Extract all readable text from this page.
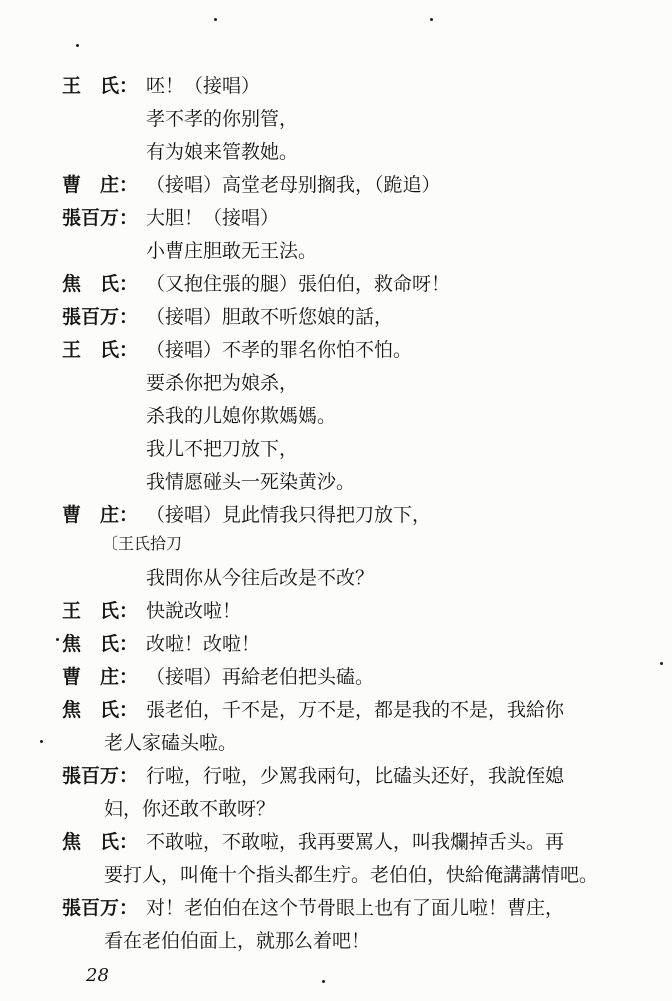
王　氏： 呸！（接唱）
孝不孝的你别管，
有为娘来管教她。
曹　庄： （接唱）高堂老母别搁我，（跪追）
張百万： 大胆！（接唱）
小曹庄胆敢无王法。
焦　氏： （又抱住張的腿）張伯伯，救命呀！
張百万： （接唱）胆敢不听您娘的話，
王　氏： （接唱）不孝的罪名你怕不怕。
要杀你把为娘杀，
杀我的儿媳你欺媽媽。
我儿不把刀放下，
我情愿碰头一死染黄沙。
曹　庄： （接唱）見此情我只得把刀放下，
〔王氏拾刀
我問你从今往后改是不改？
王　氏： 快說改啦！
焦　氏： 改啦！改啦！
曹　庄： （接唱）再給老伯把头磕。
焦　氏： 張老伯，千不是，万不是，都是我的不是，我給你
老人家磕头啦。
張百万： 行啦，行啦，少罵我兩句，比磕头还好，我說侄媳
妇，你还敢不敢呀？
焦　氏： 不敢啦，不敢啦，我再要罵人，叫我爛掉舌头。再
要打人，叫俺十个指头都生疔。老伯伯，快給俺講講情吧。
張百万： 对！老伯伯在这个节骨眼上也有了面儿啦！曹庄，
看在老伯伯面上，就那么着吧！
28
